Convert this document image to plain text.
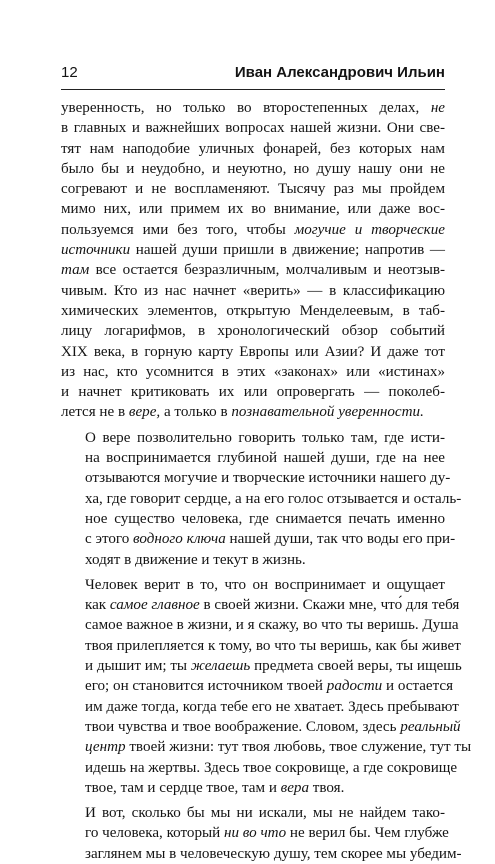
12	Иван Александрович Ильин
уверенность, но только во второстепенных делах, не
в главных и важнейших вопросах нашей жизни. Они све-
тят нам наподобие уличных фонарей, без которых нам
было бы и неудобно, и неуютно, но душу нашу они не
согревают и не воспламеняют. Тысячу раз мы пройдем
мимо них, или примем их во внимание, или даже вос-
пользуемся ими без того, чтобы могучие и творческие
источники нашей души пришли в движение; напротив —
там все остается безразличным, молчаливым и неотзыв-
чивым. Кто из нас начнет «верить» — в классификацию
химических элементов, открытую Менделеевым, в таб-
лицу логарифмов, в хронологический обзор событий
XIX века, в горную карту Европы или Азии? И даже тот
из нас, кто усомнится в этих «законах» или «истинах»
и начнет критиковать их или опровергать — поколеб-
лется не в вере, а только в познавательной уверенности.
О вере позволительно говорить только там, где исти-
на воспринимается глубиной нашей души, где на нее
отзываются могучие и творческие источники нашего ду-
ха, где говорит сердце, а на его голос отзывается и осталь-
ное существо человека, где снимается печать именно
с этого водного ключа нашей души, так что воды его при-
ходят в движение и текут в жизнь.
Человек верит в то, что он воспринимает и ощущает
как самое главное в своей жизни. Скажи мне, что́ для тебя
самое важное в жизни, и я скажу, во что ты веришь. Душа
твоя прилепляется к тому, во что ты веришь, как бы живет
и дышит им; ты желаешь предмета своей веры, ты ищешь
его; он становится источником твоей радости и остается
им даже тогда, когда тебе его не хватает. Здесь пребывают
твои чувства и твое воображение. Словом, здесь реальный
центр твоей жизни: тут твоя любовь, твое служение, тут ты
идешь на жертвы. Здесь твое сокровище, а где сокровище
твое, там и сердце твое, там и вера твоя.
И вот, сколько бы мы ни искали, мы не найдем тако-
го человека, который ни во что не верил бы. Чем глубже
заглянем мы в человеческую душу, тем скорее мы убедим-
